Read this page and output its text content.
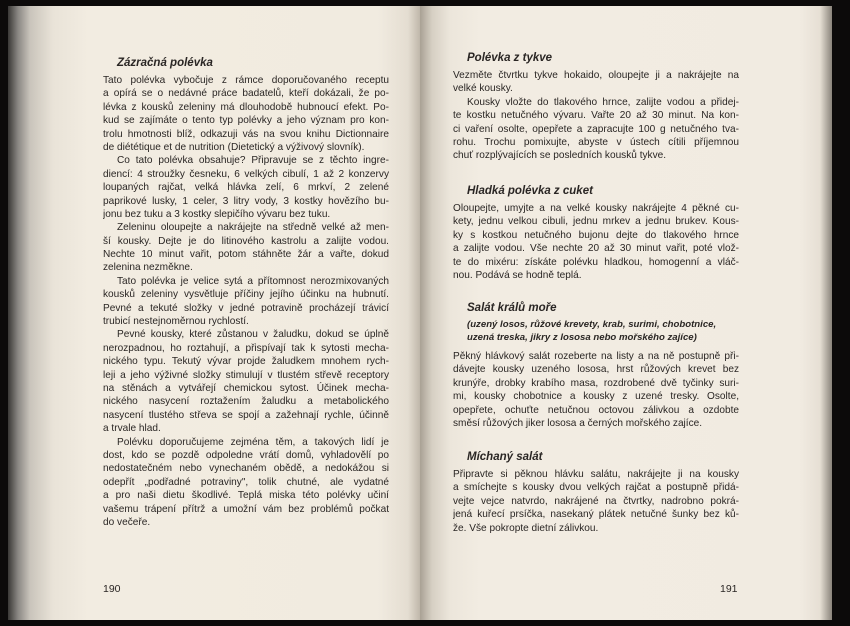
190
Zázračná polévka
Tato polévka vybočuje z rámce doporučovaného receptu
a opírá se o nedávné práce badatelů, kteří dokázali, že po-
lévka z kousků zeleniny má dlouhodobě hubnoucí efekt. Po-
kud se zajímáte o tento typ polévky a jeho význam pro kon-
trolu hmotnosti blíž, odkazuji vás na svou knihu Dictionnaire
de diététique et de nutrition (Dietetický a výživový slovník).
Co tato polévka obsahuje? Připravuje se z těchto ingre-
diencí: 4 stroužky česneku, 6 velkých cibulí, 1 až 2 konzervy
loupaných rajčat, velká hlávka zelí, 6 mrkví, 2 zelené
paprikové lusky, 1 celer, 3 litry vody, 3 kostky hovězího bu-
jonu bez tuku a 3 kostky slepičího vývaru bez tuku.
Zeleninu oloupejte a nakrájejte na středně velké až men-
ší kousky. Dejte je do litinového kastrolu a zalijte vodou.
Nechte 10 minut vařit, potom stáhněte žár a vařte, dokud
zelenina nezměkne.
Tato polévka je velice sytá a přítomnost nerozmixovaných
kousků zeleniny vysvětluje příčiny jejího účinku na hubnutí.
Pevné a tekuté složky v jedné potravině procházejí trávicí
trubicí nestejnoměrnou rychlostí.
Pevné kousky, které zůstanou v žaludku, dokud se úplně
nerozpadnou, ho roztahují, a přispívají tak k sytosti mecha-
nického typu. Tekutý vývar projde žaludkem mnohem rych-
leji a jeho výživné složky stimulují v tlustém střevě receptory
na stěnách a vytvářejí chemickou sytost. Účinek mecha-
nického nasycení roztažením žaludku a metabolického
nasycení tlustého střeva se spojí a zažehnají rychle, účinně
a trvale hlad.
Polévku doporučujeme zejména těm, a takových lidí je
dost, kdo se pozdě odpoledne vrátí domů, vyhladovělí po
nedostatečném nebo vynechaném obědě, a nedokážou si
odepřít „podřadné potraviny", tolik chutné, ale vydatné
a pro naši dietu škodlivé. Teplá miska této polévky učiní
vašemu trápení přítrž a umožní vám bez problémů počkat
do večeře.
191
Polévka z tykve
Vezměte čtvrtku tykve hokaido, oloupejte ji a nakrájejte na
velké kousky.
Kousky vložte do tlakového hrnce, zalijte vodou a přidej-
te kostku netučného vývaru. Vařte 20 až 30 minut. Na kon-
ci vaření osolte, opepřete a zapracujte 100 g netučného tva-
rohu. Trochu pomixujte, abyste v ústech cítili příjemnou
chuť rozplývajících se posledních kousků tykve.
Hladká polévka z cuket
Oloupejte, umyjte a na velké kousky nakrájejte 4 pěkné cu-
kety, jednu velkou cibuli, jednu mrkev a jednu brukev. Kous-
ky s kostkou netučného bujonu dejte do tlakového hrnce
a zalijte vodou. Vše nechte 20 až 30 minut vařit, poté vlož-
te do mixéru: získáte polévku hladkou, homogenní a vláč-
nou. Podává se hodně teplá.
Salát králů moře
(uzený losos, růžové krevety, krab, surimi, chobotnice,
uzená treska, jikry z lososa nebo mořského zajíce)
Pěkný hlávkový salát rozeberte na listy a na ně postupně při-
dávejte kousky uzeného lososa, hrst růžových krevet bez
krunýře, drobky krabího masa, rozdrobené dvě tyčinky suri-
mi, kousky chobotnice a kousky z uzené tresky. Osolte,
opepřete, ochuťte netučnou octovou zálivkou a ozdobte
směsí růžových jiker lososa a černých mořského zajíce.
Míchaný salát
Připravte si pěknou hlávku salátu, nakrájejte ji na kousky
a smíchejte s kousky dvou velkých rajčat a postupně přidá-
vejte vejce natvrdo, nakrájené na čtvrtky, nadrobno pokrá-
jená kuřecí prsíčka, nasekaný plátek netučné šunky bez ků-
že. Vše pokropte dietní zálivkou.
